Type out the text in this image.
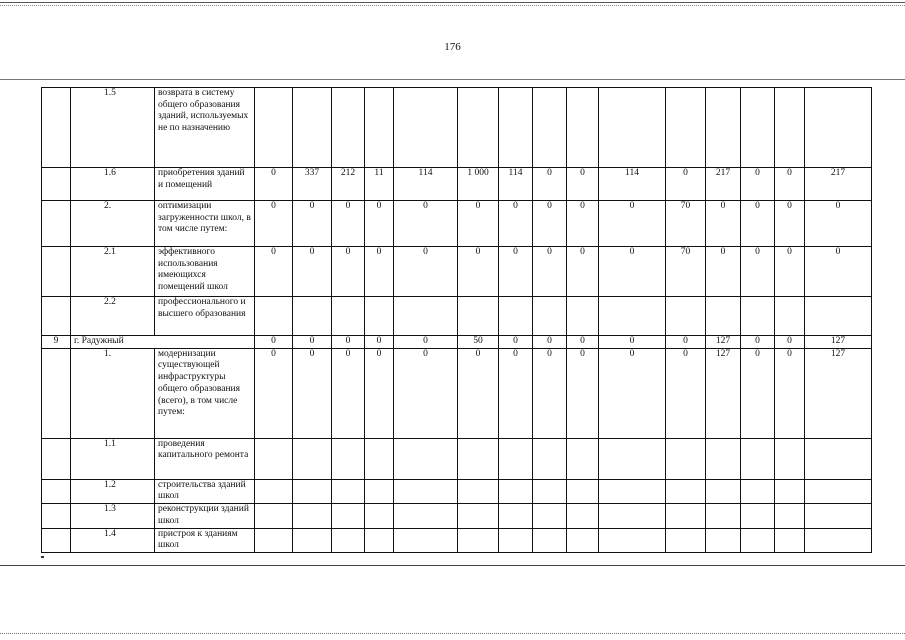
176
	1.5	возврата в систему общего образования зданий, используемых не по назначению															
	1.6	приобретения зданий и помещений	0	337	212	11	114	1 000	114	0	0	114	0	217	0	0	217
	2.	оптимизации загруженности школ, в том числе путем:	0	0	0	0	0	0	0	0	0	0	70	0	0	0	0
	2.1	эффективного использования имеющихся помещений школ	0	0	0	0	0	0	0	0	0	0	70	0	0	0	0
	2.2	профессионального и высшего образования															
9	г. Радужный		0	0	0	0	0	50	0	0	0	0	0	127	0	0	127
	1.	модернизации существующей инфраструктуры общего образования (всего), в том числе путем:	0	0	0	0	0	0	0	0	0	0	0	127	0	0	127
	1.1	проведения капитального ремонта															
	1.2	строительства зданий школ															
	1.3	реконструкции зданий школ															
	1.4	пристроя к зданиям школ															
